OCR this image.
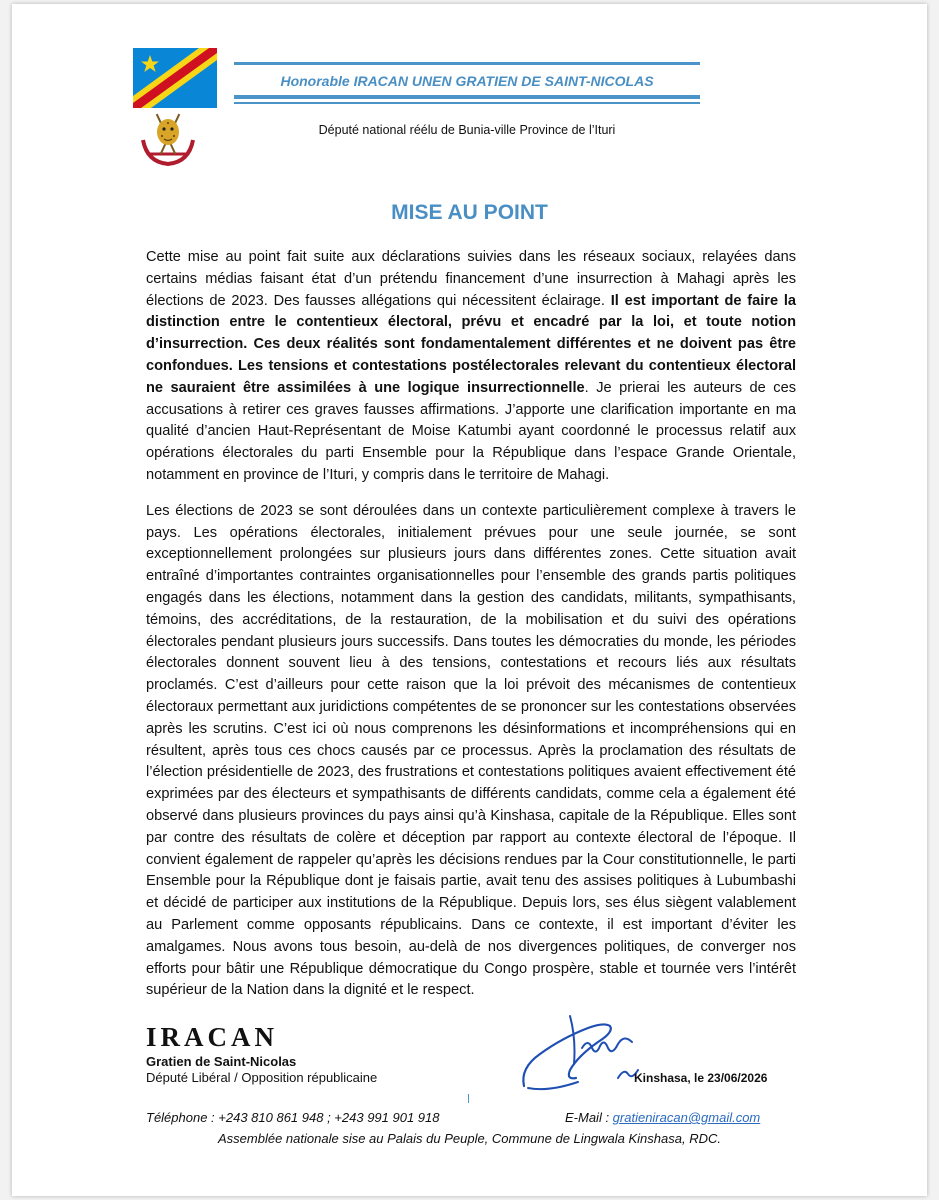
Honorable IRACAN UNEN GRATIEN DE SAINT-NICOLAS
Député national réélu de Bunia-ville Province de l’Ituri
MISE AU POINT

Cette mise au point fait suite aux déclarations suivies dans les réseaux sociaux, relayées dans certains médias faisant état d’un prétendu financement d’une insurrection à Mahagi après les élections de 2023. Des fausses allégations qui nécessitent éclairage. Il est important de faire la distinction entre le contentieux électoral, prévu et encadré par la loi, et toute notion d’insurrection. Ces deux réalités sont fondamentalement différentes et ne doivent pas être confondues. Les tensions et contestations postélectorales relevant du contentieux électoral ne sauraient être assimilées à une logique insurrectionnelle. Je prierai les auteurs de ces accusations à retirer ces graves fausses affirmations. J’apporte une clarification importante en ma qualité d’ancien Haut-Représentant de Moise Katumbi ayant coordonné le processus relatif aux opérations électorales du parti Ensemble pour la République dans l’espace Grande Orientale, notamment en province de l’Ituri, y compris dans le territoire de Mahagi.

Les élections de 2023 se sont déroulées dans un contexte particulièrement complexe à travers le pays. Les opérations électorales, initialement prévues pour une seule journée, se sont exceptionnellement prolongées sur plusieurs jours dans différentes zones. Cette situation avait entraîné d’importantes contraintes organisationnelles pour l’ensemble des grands partis politiques engagés dans les élections, notamment dans la gestion des candidats, militants, sympathisants, témoins, des accréditations, de la restauration, de la mobilisation et du suivi des opérations électorales pendant plusieurs jours successifs. Dans toutes les démocraties du monde, les périodes électorales donnent souvent lieu à des tensions, contestations et recours liés aux résultats proclamés. C’est d’ailleurs pour cette raison que la loi prévoit des mécanismes de contentieux électoraux permettant aux juridictions compétentes de se prononcer sur les contestations observées après les scrutins. C’est ici où nous comprenons les désinformations et incompréhensions qui en résultent, après tous ces chocs causés par ce processus. Après la proclamation des résultats de l’élection présidentielle de 2023, des frustrations et contestations politiques avaient effectivement été exprimées par des électeurs et sympathisants de différents candidats, comme cela a également été observé dans plusieurs provinces du pays ainsi qu’à Kinshasa, capitale de la République. Elles sont par contre des résultats de colère et déception par rapport au contexte électoral de l’époque. Il convient également de rappeler qu’après les décisions rendues par la Cour constitutionnelle, le parti Ensemble pour la République dont je faisais partie, avait tenu des assises politiques à Lubumbashi et décidé de participer aux institutions de la République. Depuis lors, ses élus siègent valablement au Parlement comme opposants républicains. Dans ce contexte, il est important d’éviter les amalgames. Nous avons tous besoin, au-delà de nos divergences politiques, de converger nos efforts pour bâtir une République démocratique du Congo prospère, stable et tournée vers l’intérêt supérieur de la Nation dans la dignité et le respect.

IRACAN
Gratien de Saint-Nicolas
Député Libéral / Opposition républicaine	Kinshasa, le 23/06/2026
Téléphone : +243 810 861 948 ; +243 991 901 918	E-Mail : gratieniracan@gmail.com
Assemblée nationale sise au Palais du Peuple, Commune de Lingwala Kinshasa, RDC.
